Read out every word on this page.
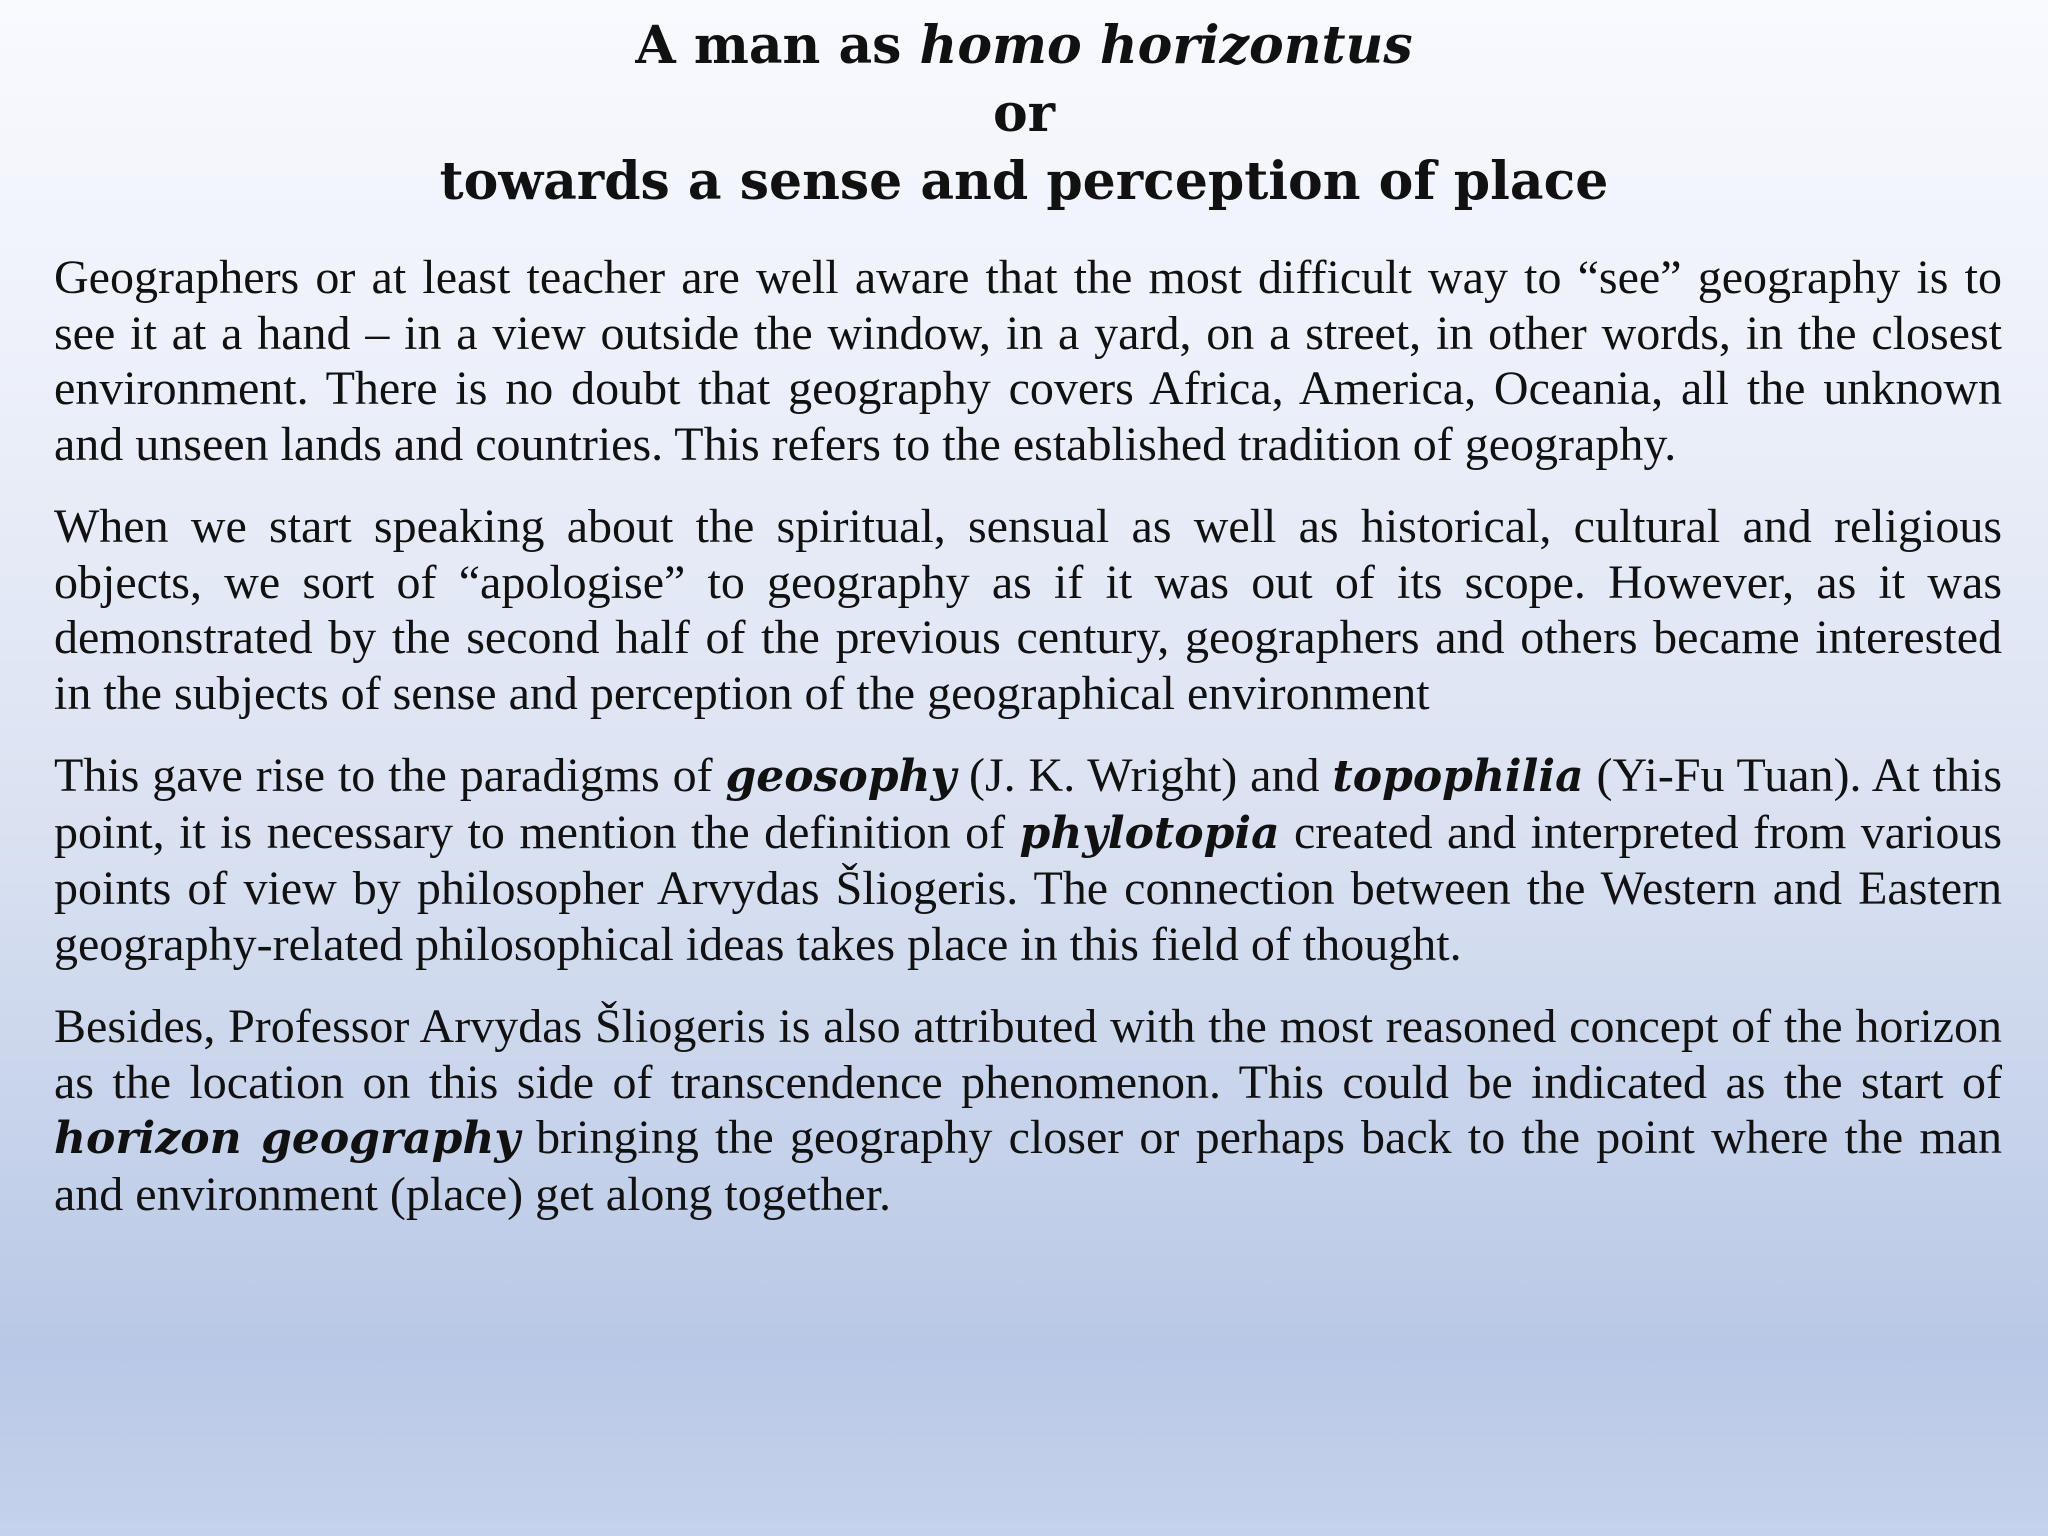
A man as homo horizontus
or
towards a sense and perception of place

Geographers or at least teacher are well aware that the most difficult way to “see” geography is to see it at a hand – in a view outside the window, in a yard, on a street, in other words, in the closest environment. There is no doubt that geography covers Africa, America, Oceania, all the unknown and unseen lands and countries. This refers to the established tradition of geography.

When we start speaking about the spiritual, sensual as well as historical, cultural and religious objects, we sort of “apologise” to geography as if it was out of its scope. However, as it was demonstrated by the second half of the previous century, geographers and others became interested in the subjects of sense and perception of the geographical environment

This gave rise to the paradigms of geosophy (J. K. Wright) and topophilia (Yi-Fu Tuan). At this point, it is necessary to mention the definition of phylotopia created and interpreted from various points of view by philosopher Arvydas Šliogeris. The connection between the Western and Eastern geography-related philosophical ideas takes place in this field of thought.

Besides, Professor Arvydas Šliogeris is also attributed with the most reasoned concept of the horizon as the location on this side of transcendence phenomenon. This could be indicated as the start of horizon geography bringing the geography closer or perhaps back to the point where the man and environment (place) get along together.
